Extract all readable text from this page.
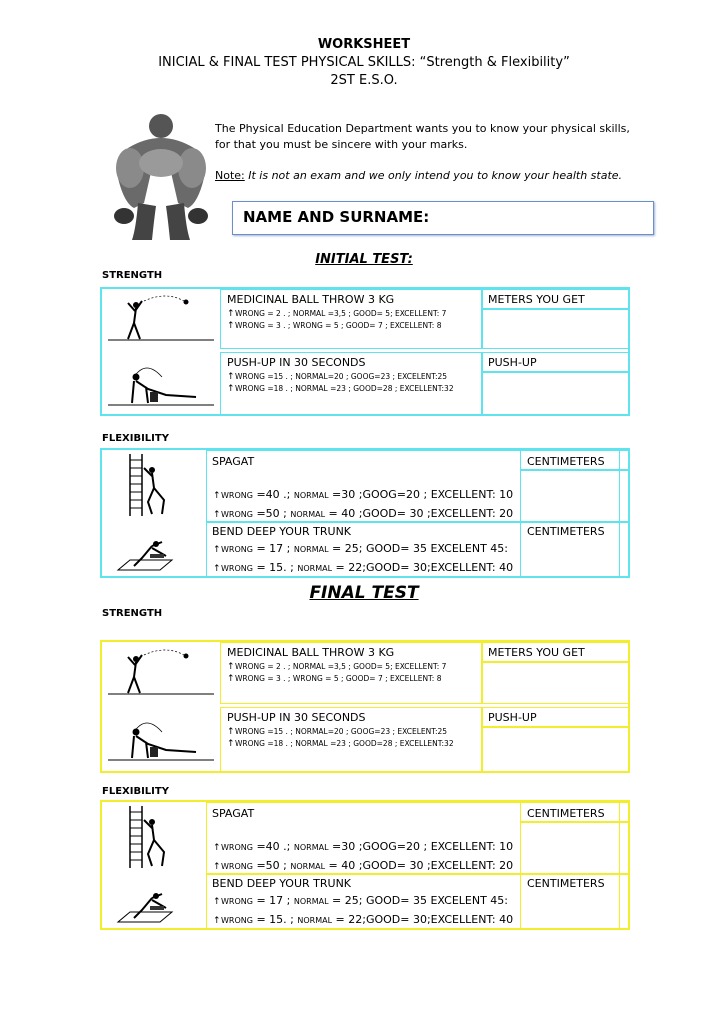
WORKSHEET
INICIAL & FINAL TEST PHYSICAL SKILLS: “Strength & Flexibility”
2ST E.S.O.
The Physical Education Department wants you to know your physical skills,
for that you must be sincere with your marks.
Note: It is not an exam and we only intend you to know your health state.
NAME AND SURNAME:
INITIAL TEST:
STRENGTH
MEDICINAL BALL THROW 3 KG
↑WRONG = 2 . ; NORMAL =3,5 ; GOOD= 5; EXCELLENT: 7
↑WRONG = 3 . ; WRONG = 5 ; GOOD= 7 ; EXCELLENT: 8
METERS YOU GET
PUSH-UP IN 30 SECONDS
↑WRONG =15 . ; NORMAL=20 ; GOOG=23 ; EXCELENT:25
↑WRONG =18 . ; NORMAL =23 ; GOOD=28 ; EXCELLENT:32
PUSH-UP
FLEXIBILITY
SPAGAT
↑WRONG =40 .; NORMAL =30 ;GOOG=20 ; EXCELLENT: 10
↑WRONG =50 ; NORMAL = 40 ;GOOD= 30 ;EXCELLENT: 20
CENTIMETERS
BEND DEEP YOUR TRUNK
↑WRONG = 17 ; NORMAL = 25; GOOD= 35 EXCELENT 45:
↑WRONG = 15. ; NORMAL = 22;GOOD= 30;EXCELLENT: 40
CENTIMETERS
FINAL TEST
STRENGTH
MEDICINAL BALL THROW 3 KG
↑WRONG = 2 . ; NORMAL =3,5 ; GOOD= 5; EXCELLENT: 7
↑WRONG = 3 . ; WRONG = 5 ; GOOD= 7 ; EXCELLENT: 8
METERS YOU GET
PUSH-UP IN 30 SECONDS
↑WRONG =15 . ; NORMAL=20 ; GOOG=23 ; EXCELENT:25
↑WRONG =18 . ; NORMAL =23 ; GOOD=28 ; EXCELLENT:32
PUSH-UP
FLEXIBILITY
SPAGAT
↑WRONG =40 .; NORMAL =30 ;GOOG=20 ; EXCELLENT: 10
↑WRONG =50 ; NORMAL = 40 ;GOOD= 30 ;EXCELLENT: 20
CENTIMETERS
BEND DEEP YOUR TRUNK
↑WRONG = 17 ; NORMAL = 25; GOOD= 35 EXCELENT 45:
↑WRONG = 15. ; NORMAL = 22;GOOD= 30;EXCELLENT: 40
CENTIMETERS
